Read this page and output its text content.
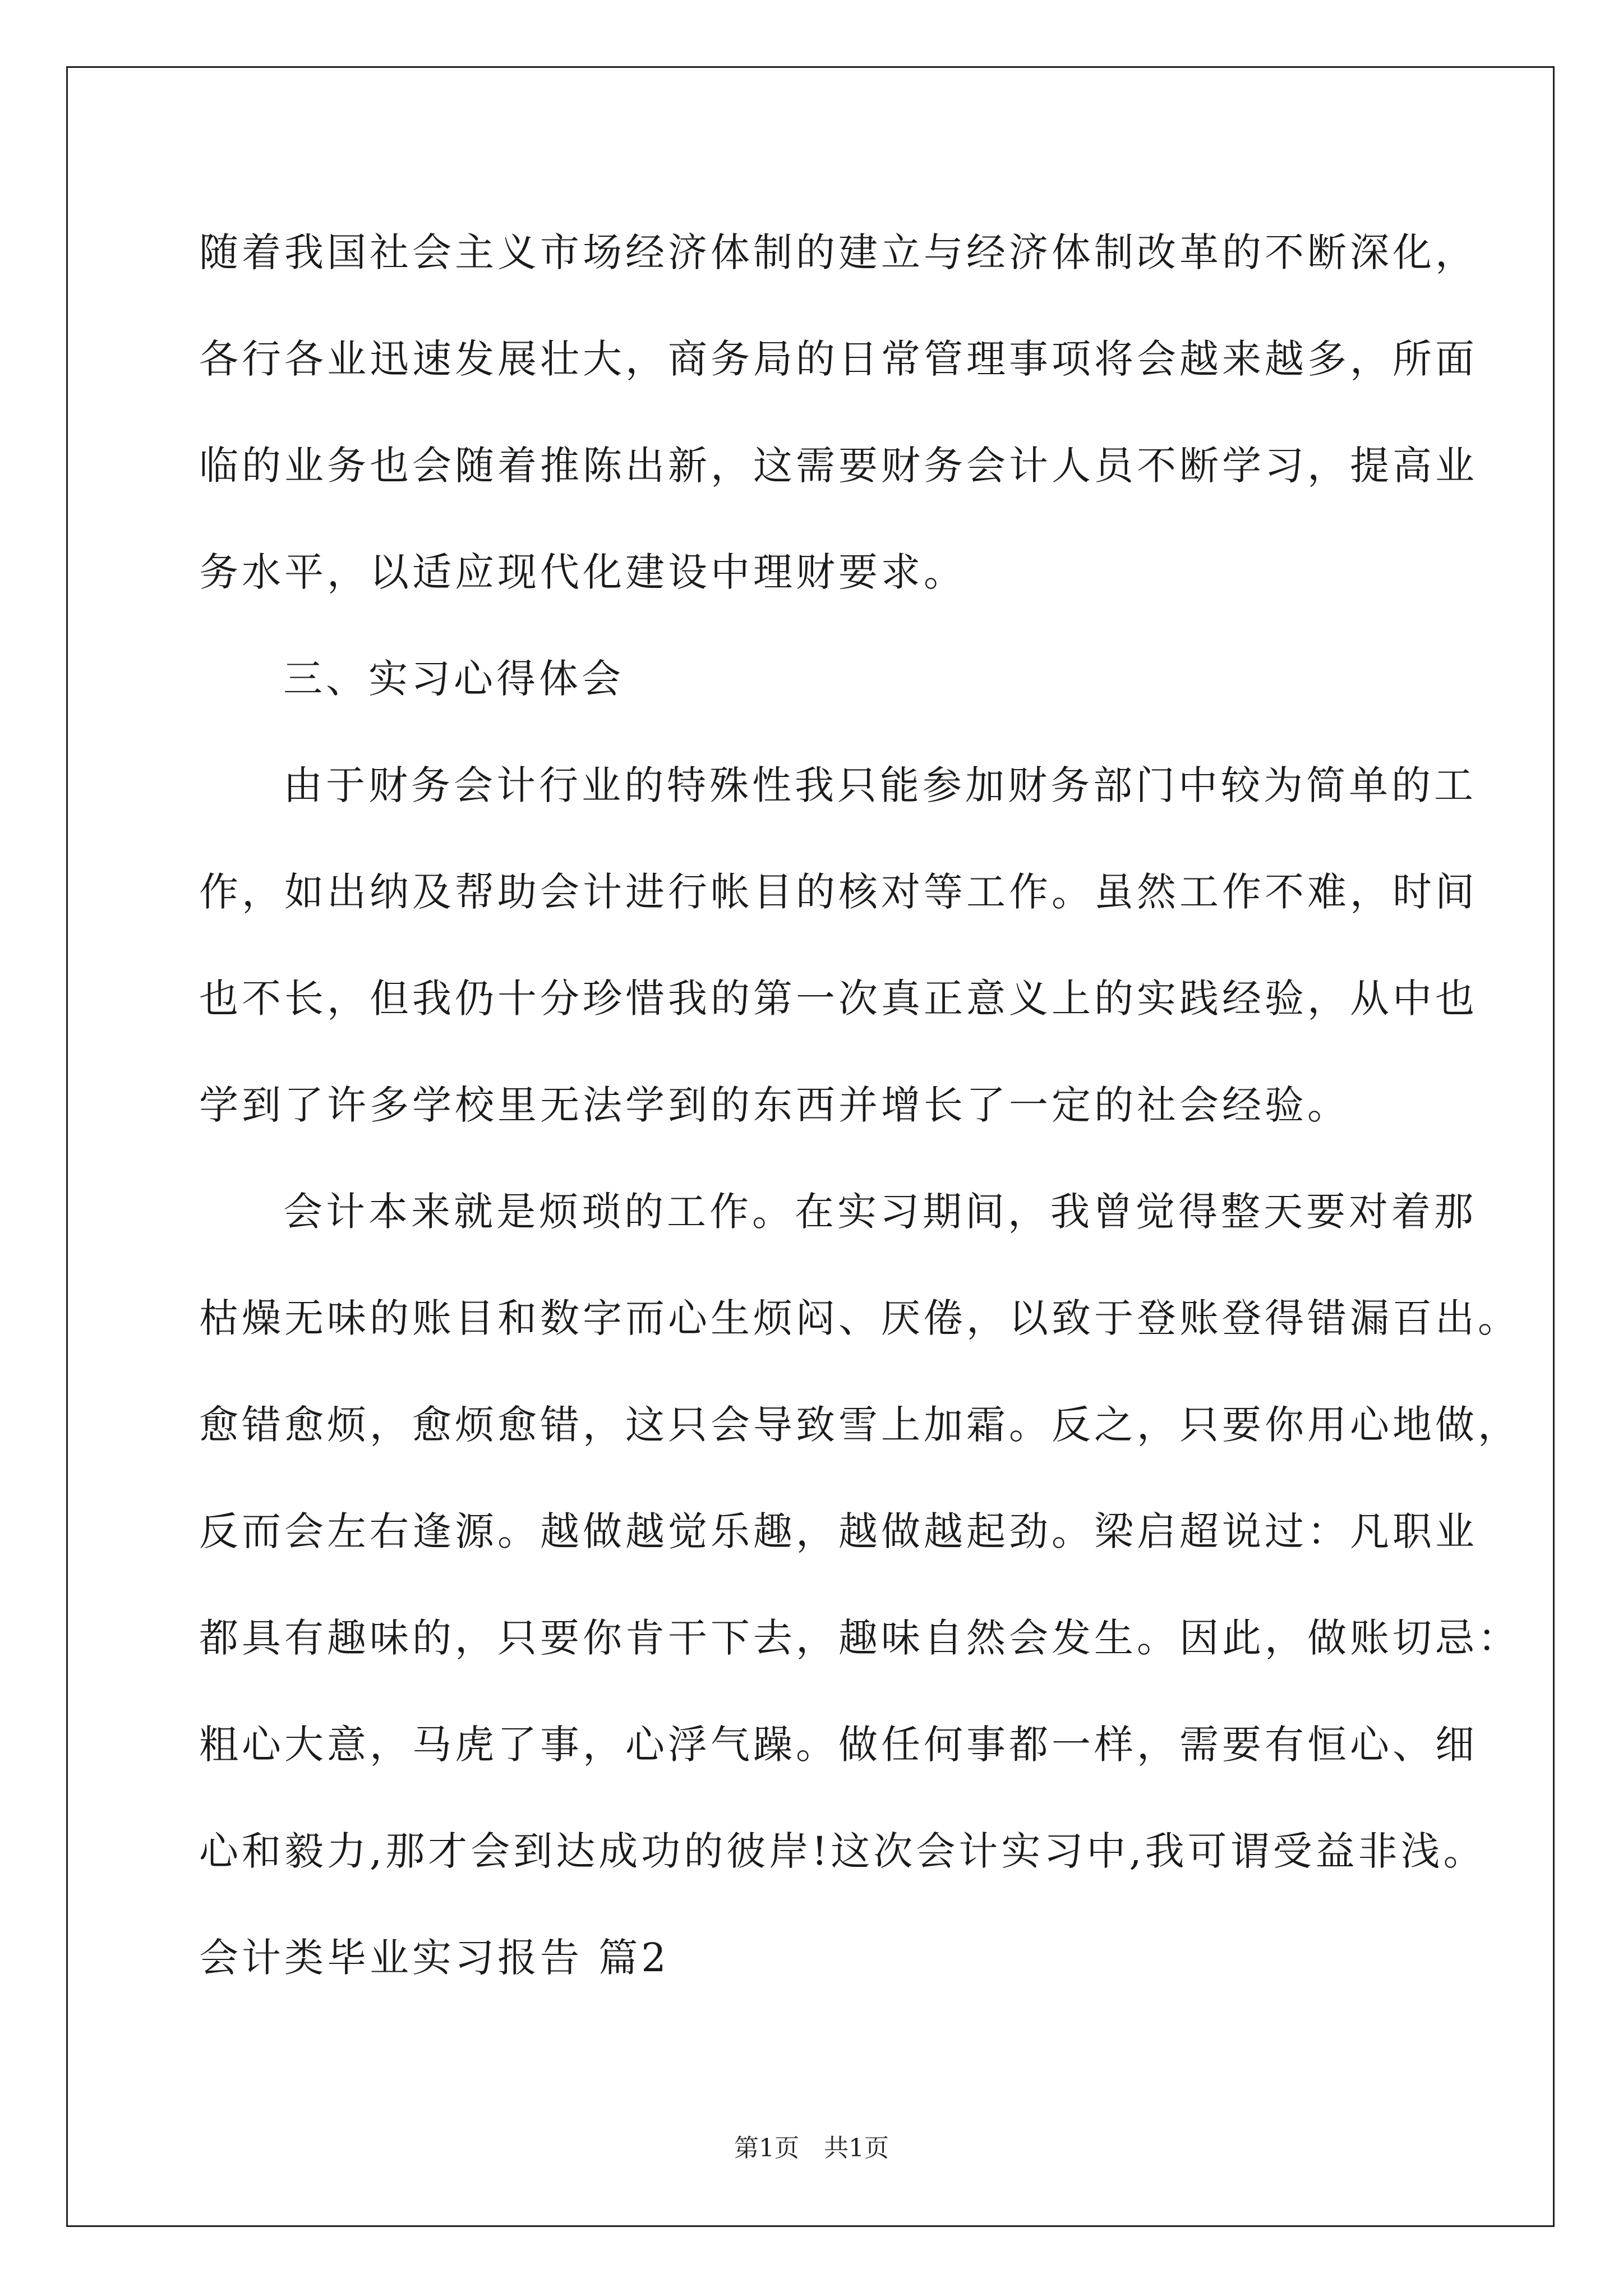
随着我国社会主义市场经济体制的建立与经济体制改革的不断深化，
各行各业迅速发展壮大，商务局的日常管理事项将会越来越多，所面
临的业务也会随着推陈出新，这需要财务会计人员不断学习，提高业
务水平，以适应现代化建设中理财要求。
三、实习心得体会
由于财务会计行业的特殊性我只能参加财务部门中较为简单的工
作，如出纳及帮助会计进行帐目的核对等工作。虽然工作不难，时间
也不长，但我仍十分珍惜我的第一次真正意义上的实践经验，从中也
学到了许多学校里无法学到的东西并增长了一定的社会经验。
会计本来就是烦琐的工作。在实习期间，我曾觉得整天要对着那
枯燥无味的账目和数字而心生烦闷、厌倦，以致于登账登得错漏百出。
愈错愈烦，愈烦愈错，这只会导致雪上加霜。反之，只要你用心地做，
反而会左右逢源。越做越觉乐趣，越做越起劲。梁启超说过：凡职业
都具有趣味的，只要你肯干下去，趣味自然会发生。因此，做账切忌：
粗心大意，马虎了事，心浮气躁。做任何事都一样，需要有恒心、细
心和毅力,那才会到达成功的彼岸!这次会计实习中,我可谓受益非浅。
会计类毕业实习报告 篇2
第1页　共1页
